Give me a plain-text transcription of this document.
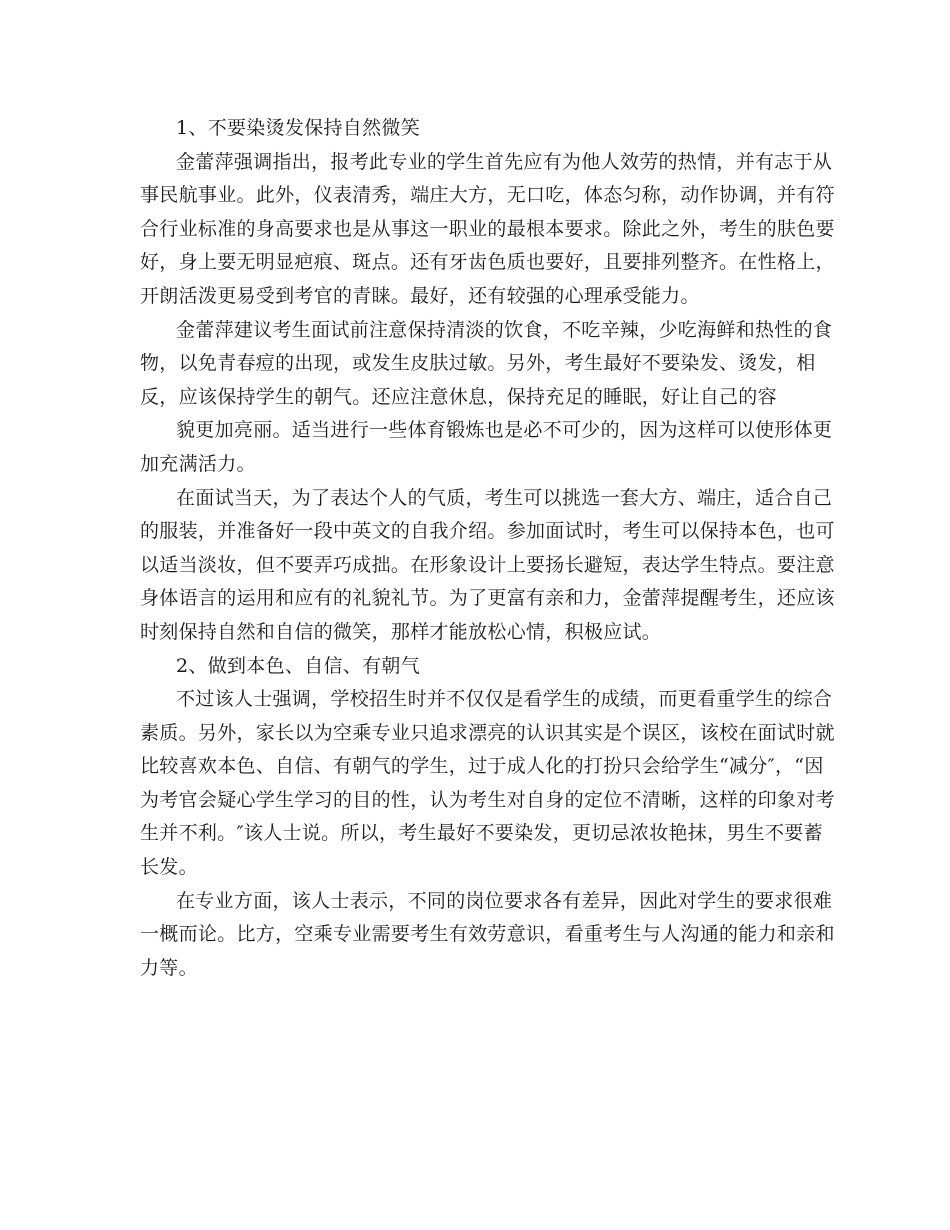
1、不要染烫发保持自然微笑
金蕾萍强调指出，报考此专业的学生首先应有为他人效劳的热情，并有志于从
事民航事业。此外，仪表清秀，端庄大方，无口吃，体态匀称，动作协调，并有符
合行业标准的身高要求也是从事这一职业的最根本要求。除此之外，考生的肤色要
好，身上要无明显疤痕、斑点。还有牙齿色质也要好，且要排列整齐。在性格上，
开朗活泼更易受到考官的青睐。最好，还有较强的心理承受能力。
金蕾萍建议考生面试前注意保持清淡的饮食，不吃辛辣，少吃海鲜和热性的食
物，以免青春痘的出现，或发生皮肤过敏。另外，考生最好不要染发、烫发，相
反，应该保持学生的朝气。还应注意休息，保持充足的睡眠，好让自己的容
貌更加亮丽。适当进行一些体育锻炼也是必不可少的，因为这样可以使形体更
加充满活力。
在面试当天，为了表达个人的气质，考生可以挑选一套大方、端庄，适合自己
的服装，并准备好一段中英文的自我介绍。参加面试时，考生可以保持本色，也可
以适当淡妆，但不要弄巧成拙。在形象设计上要扬长避短，表达学生特点。要注意
身体语言的运用和应有的礼貌礼节。为了更富有亲和力，金蕾萍提醒考生，还应该
时刻保持自然和自信的微笑，那样才能放松心情，积极应试。
2、做到本色、自信、有朝气
不过该人士强调，学校招生时并不仅仅是看学生的成绩，而更看重学生的综合
素质。另外，家长以为空乘专业只追求漂亮的认识其实是个误区，该校在面试时就
比较喜欢本色、自信、有朝气的学生，过于成人化的打扮只会给学生“减分″，“因
为考官会疑心学生学习的目的性，认为考生对自身的定位不清晰，这样的印象对考
生并不利。″该人士说。所以，考生最好不要染发，更切忌浓妆艳抹，男生不要蓄
长发。
在专业方面，该人士表示，不同的岗位要求各有差异，因此对学生的要求很难
一概而论。比方，空乘专业需要考生有效劳意识，看重考生与人沟通的能力和亲和
力等。
